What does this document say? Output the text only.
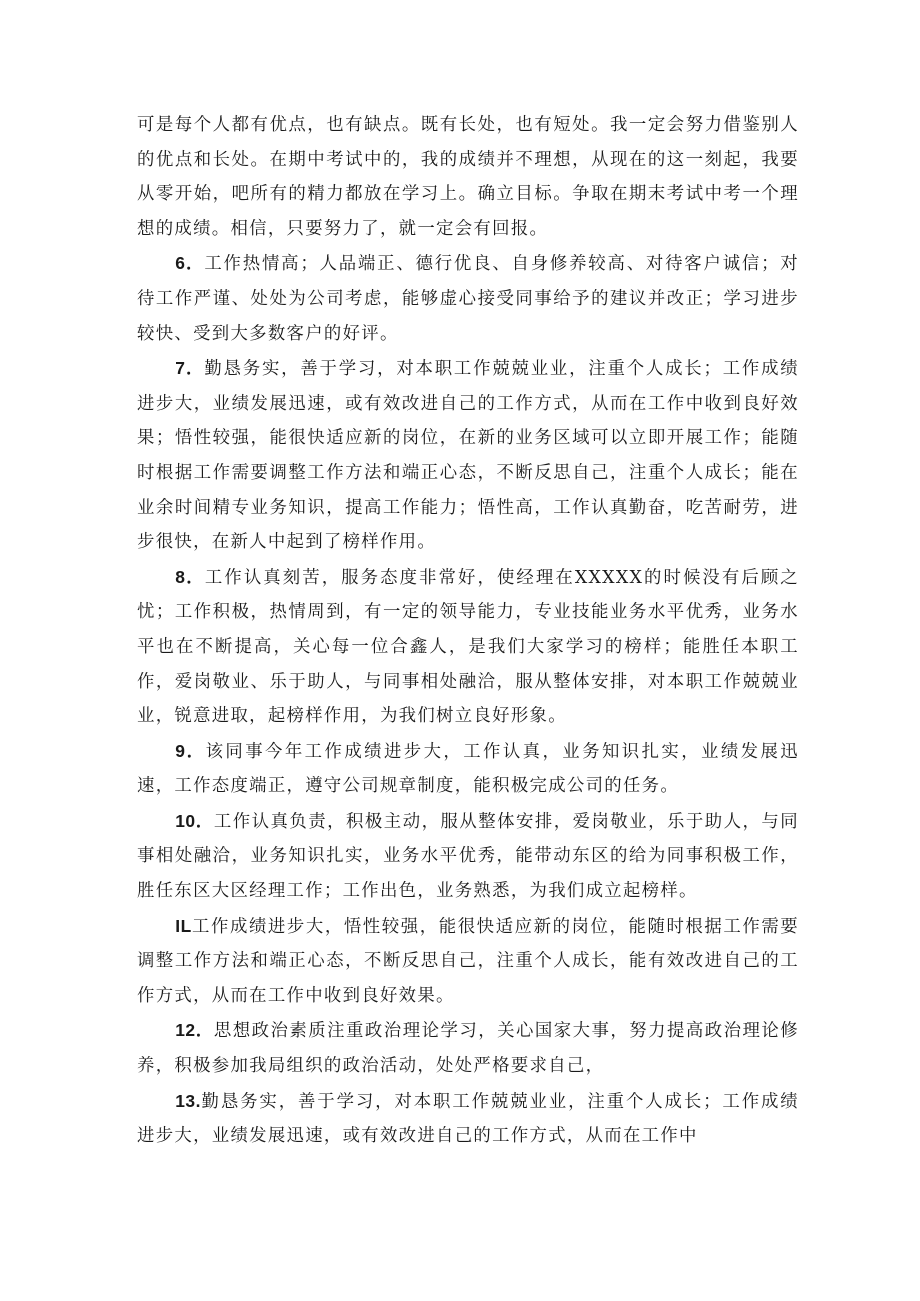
可是每个人都有优点，也有缺点。既有长处，也有短处。我一定会努力借鉴别人的优点和长处。在期中考试中的，我的成绩并不理想，从现在的这一刻起，我要从零开始，吧所有的精力都放在学习上。确立目标。争取在期末考试中考一个理想的成绩。相信，只要努力了，就一定会有回报。

6．工作热情高；人品端正、德行优良、自身修养较高、对待客户诚信；对待工作严谨、处处为公司考虑，能够虚心接受同事给予的建议并改正；学习进步较快、受到大多数客户的好评。

7．勤恳务实，善于学习，对本职工作兢兢业业，注重个人成长；工作成绩进步大，业绩发展迅速，或有效改进自己的工作方式，从而在工作中收到良好效果；悟性较强，能很快适应新的岗位，在新的业务区域可以立即开展工作；能随时根据工作需要调整工作方法和端正心态，不断反思自己，注重个人成长；能在业余时间精专业务知识，提高工作能力；悟性高，工作认真勤奋，吃苦耐劳，进步很快，在新人中起到了榜样作用。

8．工作认真刻苦，服务态度非常好，使经理在XXXXX的时候没有后顾之忧；工作积极，热情周到，有一定的领导能力，专业技能业务水平优秀，业务水平也在不断提高，关心每一位合鑫人，是我们大家学习的榜样；能胜任本职工作，爱岗敬业、乐于助人，与同事相处融洽，服从整体安排，对本职工作兢兢业业，锐意进取，起榜样作用，为我们树立良好形象。

9．该同事今年工作成绩进步大，工作认真，业务知识扎实，业绩发展迅速，工作态度端正，遵守公司规章制度，能积极完成公司的任务。

10．工作认真负责，积极主动，服从整体安排，爱岗敬业，乐于助人，与同事相处融洽，业务知识扎实，业务水平优秀，能带动东区的给为同事积极工作，胜任东区大区经理工作；工作出色，业务熟悉，为我们成立起榜样。

IL工作成绩进步大，悟性较强，能很快适应新的岗位，能随时根据工作需要调整工作方法和端正心态，不断反思自己，注重个人成长，能有效改进自己的工作方式，从而在工作中收到良好效果。

12．思想政治素质注重政治理论学习，关心国家大事，努力提高政治理论修养，积极参加我局组织的政治活动，处处严格要求自己，

13.勤恳务实，善于学习，对本职工作兢兢业业，注重个人成长；工作成绩进步大，业绩发展迅速，或有效改进自己的工作方式，从而在工作中
